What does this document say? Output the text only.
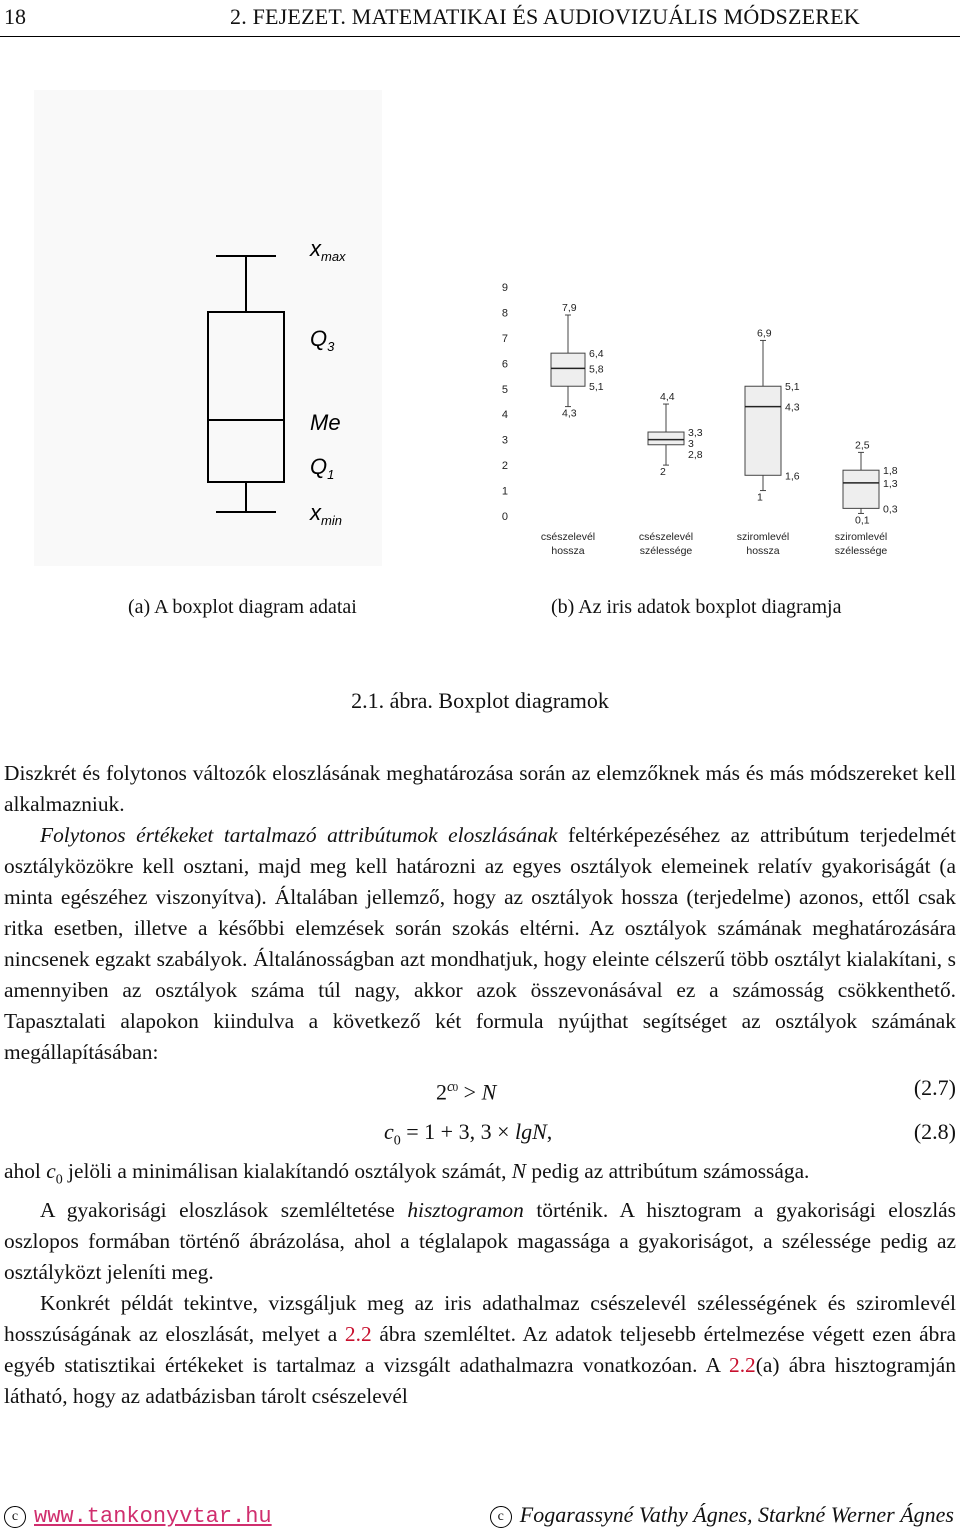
18	2. FEJEZET. MATEMATIKAI ÉS AUDIOVIZUÁLIS MÓDSZEREK
$x_{max}$
$Q_3$
Me
$Q_1$
$x_{min}$	0
1
2
3
4
5
6
7
8
9
7,9
6,4
5,8
5,1
4,3
csészelevél
hossza
4,4
3,3
3
2,8
2
csészelevél
szélessége
6,9
5,1
4,3
1,6
1
sziromlevél
hossza
2,5
1,8
1,3
0,3
0,1
sziromlevél
szélessége
(a) A boxplot diagram adatai	(b) Az iris adatok boxplot diagramja
2.1. ábra. Boxplot diagramok

Diszkrét és folytonos változók eloszlásának meghatározása során az elemzőknek más és más módszereket kell alkalmazniuk.

Folytonos értékeket tartalmazó attribútumok eloszlásának feltérképezéséhez az attribútum terjedelmét osztályközökre kell osztani, majd meg kell határozni az egyes osztályok elemeinek relatív gyakoriságát (a minta egészéhez viszonyítva). Általában jellemző, hogy az osztályok hossza (terjedelme) azonos, ettől csak ritka esetben, illetve a későbbi elemzések során szokás eltérni. Az osztályok számának meghatározására nincsenek egzakt szabályok. Általánosságban azt mondhatjuk, hogy eleinte célszerű több osztályt kialakítani, s amennyiben az osztályok száma túl nagy, akkor azok összevonásával ez a számosság csökkenthető. Tapasztalati alapokon kiindulva a következő két formula nyújthat segítséget az osztályok számának megállapításában:

$2^{c0} > N$	(2.7)
$c_0 = 1 + 3$, 3 × lgN,	(2.8)

ahol $c_0$ jelöli a minimálisan kialakítandó osztályok számát, N pedig az attribútum számossága.

A gyakorisági eloszlások szemléltetése hisztogramon történik. A hisztogram a gyakorisági eloszlás oszlopos formában történő ábrázolása, ahol a téglalapok magassága a gyakoriságot, a szélessége pedig az osztályközt jeleníti meg.

Konkrét példát tekintve, vizsgáljuk meg az iris adathalmaz csészelevél szélességének és sziromlevél hosszúságának az eloszlását, melyet a 2.2 ábra szemléltet. Az adatok teljesebb értelmezése végett ezen ábra egyéb statisztikai értékeket is tartalmaz a vizsgált adathalmazra vonatkozóan. A 2.2(a) ábra hisztogramján látható, hogy az adatbázisban tárolt csészelevél

c www.tankonyvtar.hu	c Fogarassyné Vathy Ágnes, Starkné Werner Ágnes
